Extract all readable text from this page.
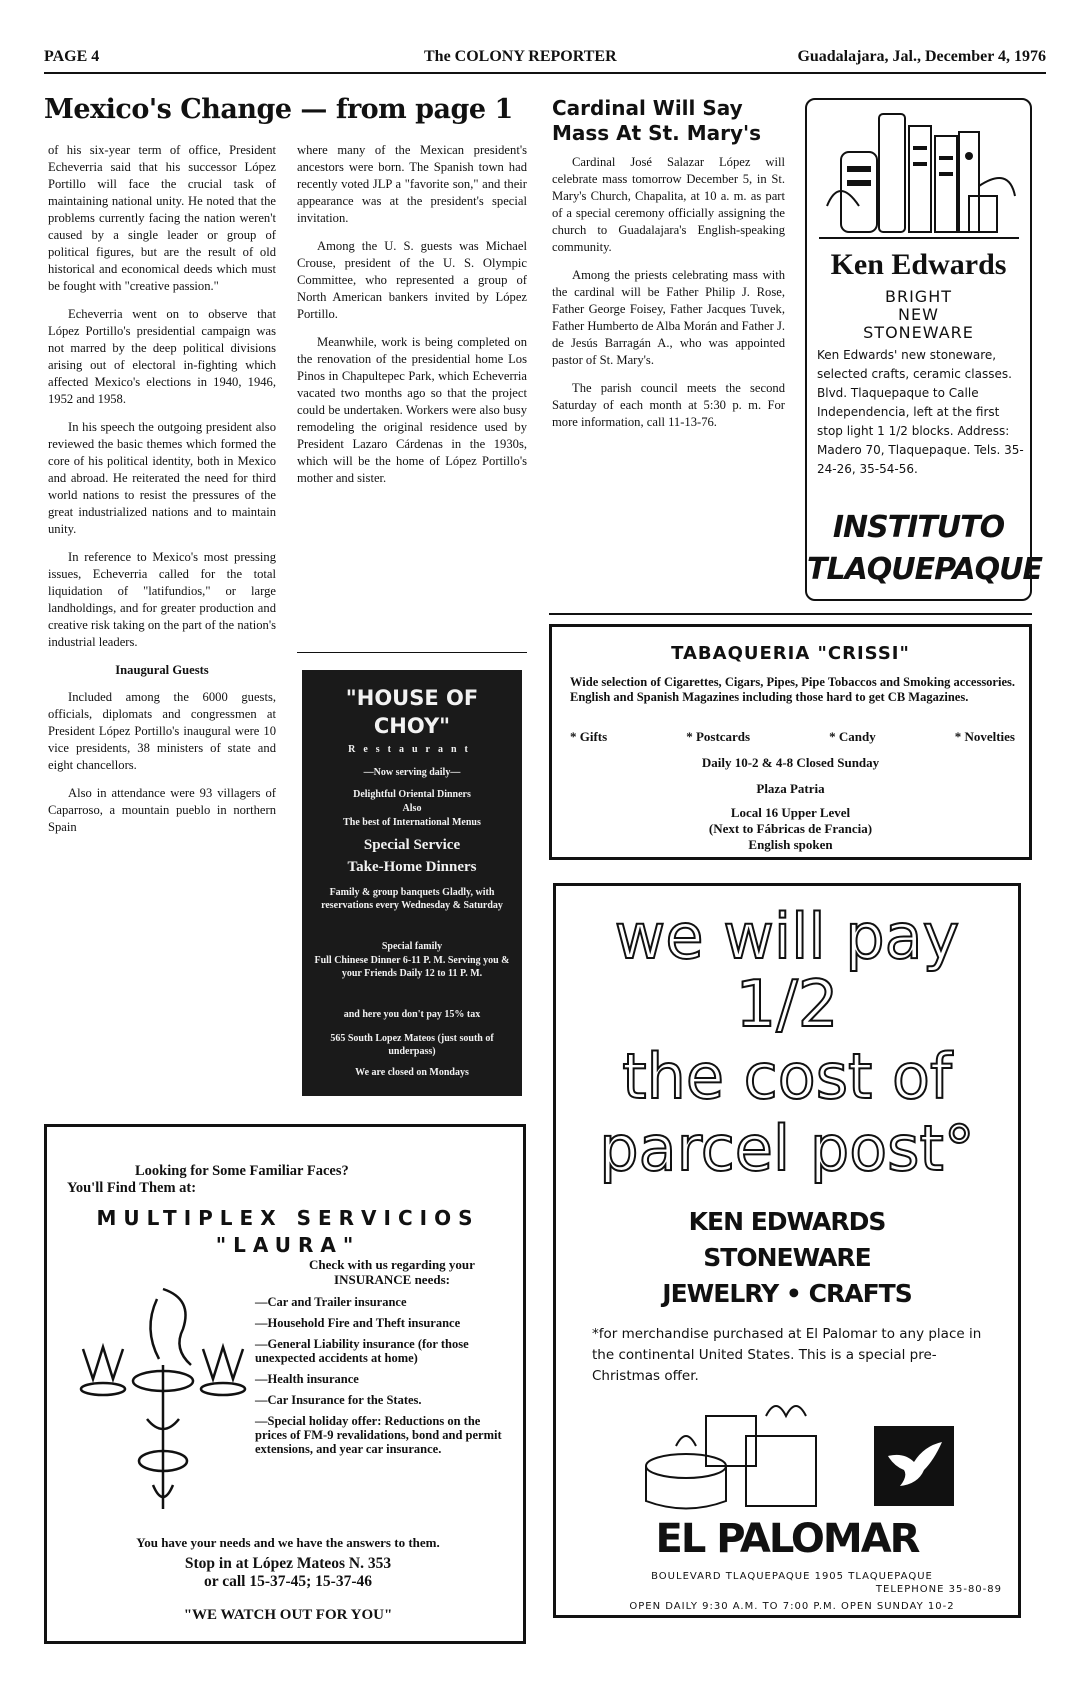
PAGE 4	The COLONY REPORTER	Guadalajara, Jal., December 4, 1976
Mexico's Change — from page 1

of his six-year term of office, President Echeverria said that his successor López Portillo will face the crucial task of maintaining national unity. He noted that the problems currently facing the nation weren't caused by a single leader or group of political figures, but are the result of old historical and economical deeds which must be fought with "creative passion."

Echeverria went on to observe that López Portillo's presidential campaign was not marred by the deep political divisions arising out of electoral in-fighting which affected Mexico's elections in 1940, 1946, 1952 and 1958.

In his speech the outgoing president also reviewed the basic themes which formed the core of his political identity, both in Mexico and abroad. He reiterated the need for third world nations to resist the pressures of the great industrialized nations and to maintain unity.

In reference to Mexico's most pressing issues, Echeverria called for the total liquidation of "latifundios," or large landholdings, and for greater production and creative risk taking on the part of the nation's industrial leaders.

Inaugural Guests

Included among the 6000 guests, officials, diplomats and congressmen at President López Portillo's inaugural were 10 vice presidents, 38 ministers of state and eight chancellors.

Also in attendance were 93 villagers of Caparroso, a mountain pueblo in northern Spain

where many of the Mexican president's ancestors were born. The Spanish town had recently voted JLP a "favorite son," and their appearance was at the president's special invitation.

Among the U. S. guests was Michael Crouse, president of the U. S. Olympic Committee, who represented a group of North American bankers invited by López Portillo.

Meanwhile, work is being completed on the renovation of the presidential home Los Pinos in Chapultepec Park, which Echeverria vacated two months ago so that the project could be undertaken. Workers were also busy remodeling the original residence used by President Lazaro Cárdenas in the 1930s, which will be the home of López Portillo's mother and sister.

"HOUSE OF CHOY"
Restaurant
—Now serving daily—
Delightful Oriental Dinners
Also
The best of International Menus
Special Service
Take-Home Dinners
Family & group banquets Gladly, with reservations every Wednesday & Saturday
Special family
Full Chinese Dinner 6-11 P. M. Serving you & your Friends Daily 12 to 11 P. M.
and here you don't pay 15% tax
565 South Lopez Mateos (just south of underpass)
We are closed on Mondays
Cardinal Will Say Mass At St. Mary's

Cardinal José Salazar López will celebrate mass tomorrow December 5, in St. Mary's Church, Chapalita, at 10 a. m. as part of a special ceremony officially assigning the church to Guadalajara's English-speaking community.

Among the priests celebrating mass with the cardinal will be Father Philip J. Rose, Father George Foisey, Father Jacques Tuvek, Father Humberto de Alba Morán and Father J. de Jesús Barragán A., who was appointed pastor of St. Mary's.

The parish council meets the second Saturday of each month at 5:30 p. m. For more information, call 11-13-76.

Ken Edwards
BRIGHT
NEW
STONEWARE
Ken Edwards' new stoneware, selected crafts, ceramic classes. Blvd. Tlaquepaque to Calle Independencia, left at the first stop light 1 1/2 blocks. Address: Madero 70, Tlaquepaque. Tels. 35-24-26, 35-54-56.
INSTITUTO
TLAQUEPAQUE
TABAQUERIA "CRISSI"
Wide selection of Cigarettes, Cigars, Pipes, Pipe Tobaccos and Smoking accessories. English and Spanish Magazines including those hard to get CB Magazines.
* Gifts	* Postcards	* Candy	* Novelties
Daily 10-2 & 4-8 Closed Sunday
Plaza Patria
Local 16 Upper Level
(Next to Fábricas de Francia)
English spoken
Looking for Some Familiar Faces?
You'll Find Them at:
MULTIPLEX SERVICIOS
"LAURA"
Check with us regarding your INSURANCE needs:
—Car and Trailer insurance
—Household Fire and Theft insurance
—General Liability insurance (for those unexpected accidents at home)
—Health insurance
—Car Insurance for the States.
—Special holiday offer: Reductions on the prices of FM-9 revalidations, bond and permit extensions, and year car insurance.
You have your needs and we have the answers to them.
Stop in at López Mateos N. 353
or call 15-37-45; 15-37-46
"WE WATCH OUT FOR YOU"
we will pay
1/2
the cost of
parcel post°
KEN EDWARDS
STONEWARE
JEWELRY • CRAFTS
*for merchandise purchased at El Palomar to any place in the continental United States. This is a special pre-Christmas offer.
EL PALOMAR
BOULEVARD TLAQUEPAQUE 1905 TLAQUEPAQUE
TELEPHONE 35-80-89
OPEN DAILY 9:30 A.M. TO 7:00 P.M. OPEN SUNDAY 10-2
